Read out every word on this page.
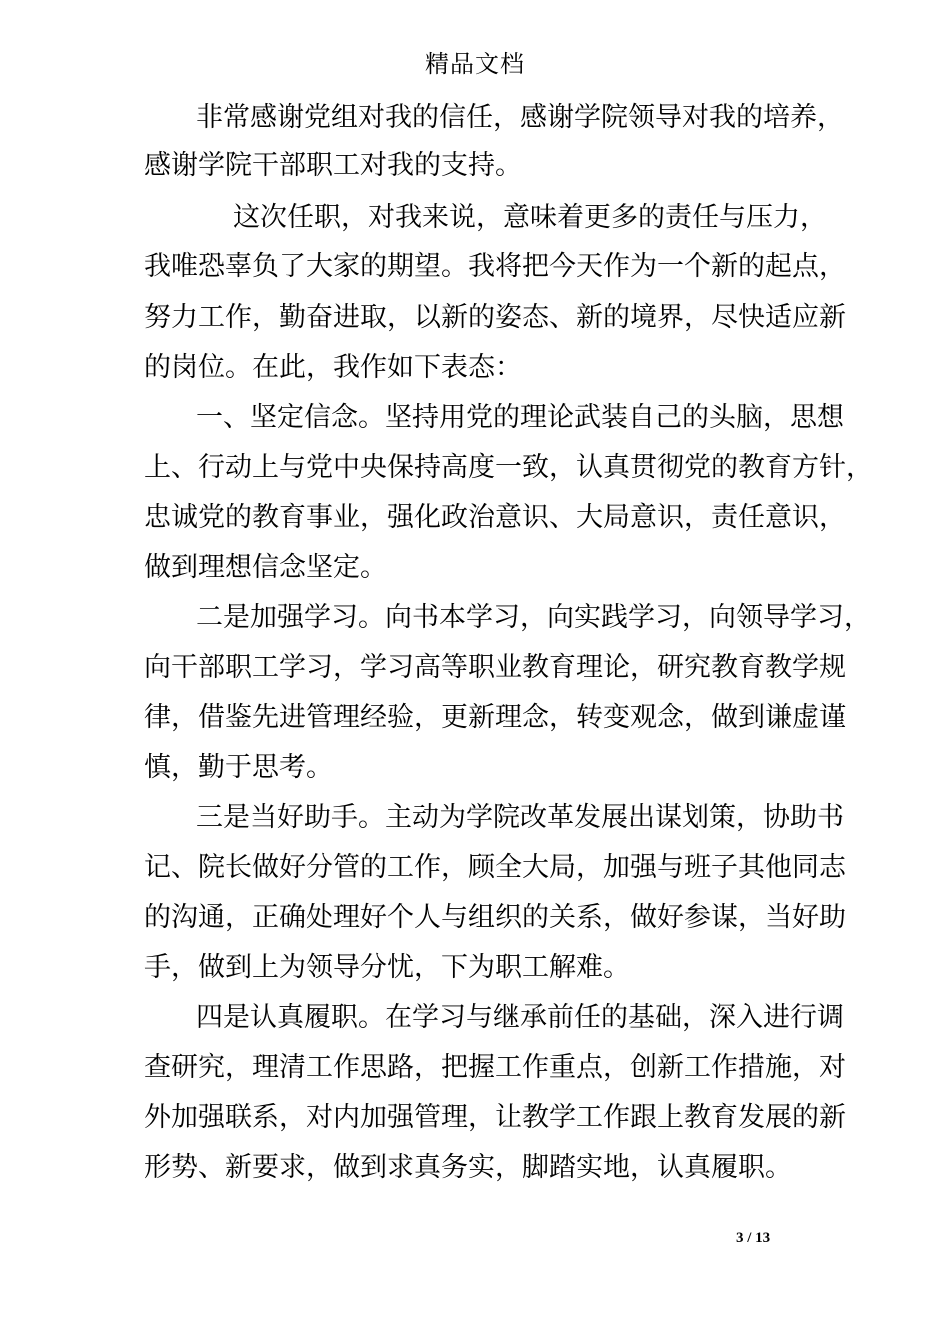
精品文档
非常感谢党组对我的信任，感谢学院领导对我的培养，
感谢学院干部职工对我的支持。
这次任职，对我来说，意味着更多的责任与压力，
我唯恐辜负了大家的期望。我将把今天作为一个新的起点，
努力工作，勤奋进取，以新的姿态、新的境界，尽快适应新
的岗位。在此，我作如下表态：
一、坚定信念。坚持用党的理论武装自己的头脑，思想
上、行动上与党中央保持高度一致，认真贯彻党的教育方针，
忠诚党的教育事业，强化政治意识、大局意识，责任意识，
做到理想信念坚定。
二是加强学习。向书本学习，向实践学习，向领导学习，
向干部职工学习，学习高等职业教育理论，研究教育教学规
律，借鉴先进管理经验，更新理念，转变观念，做到谦虚谨
慎，勤于思考。
三是当好助手。主动为学院改革发展出谋划策，协助书
记、院长做好分管的工作，顾全大局，加强与班子其他同志
的沟通，正确处理好个人与组织的关系，做好参谋，当好助
手，做到上为领导分忧，下为职工解难。
四是认真履职。在学习与继承前任的基础，深入进行调
查研究，理清工作思路，把握工作重点，创新工作措施，对
外加强联系，对内加强管理，让教学工作跟上教育发展的新
形势、新要求，做到求真务实，脚踏实地，认真履职。
3 / 13
